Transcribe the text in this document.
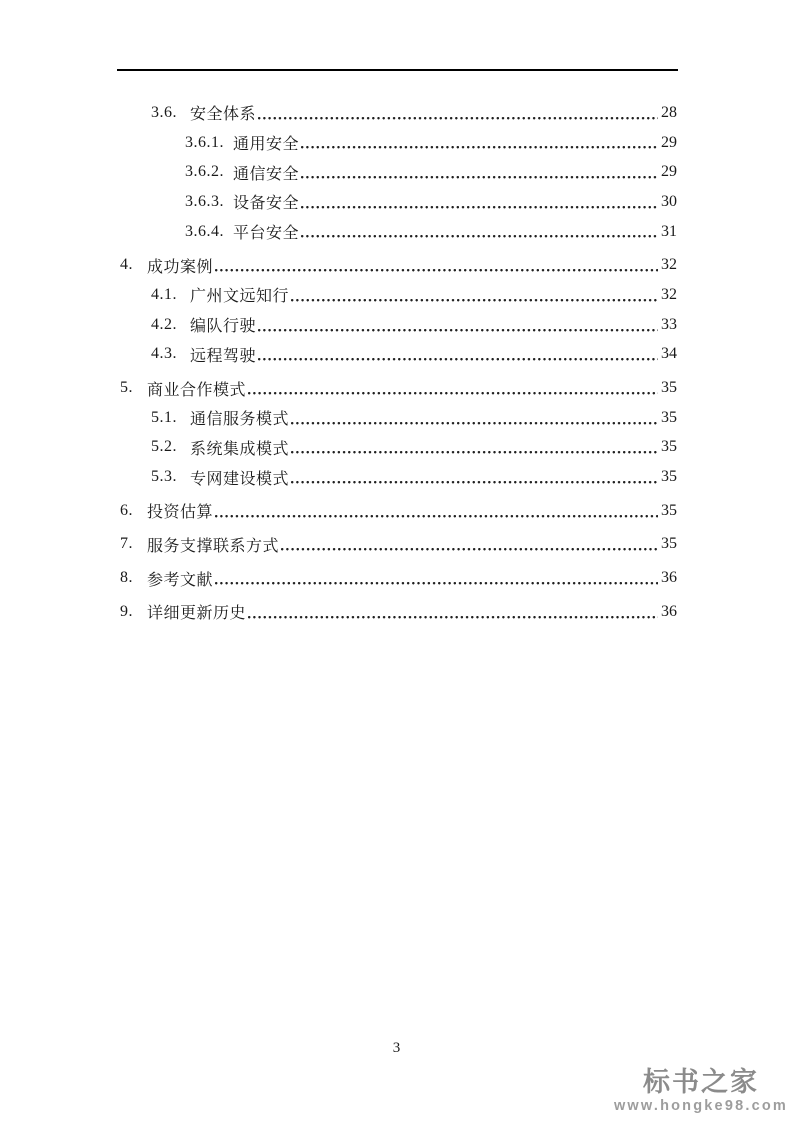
3.6. 安全体系	28
3.6.1. 通用安全	29
3.6.2. 通信安全	29
3.6.3. 设备安全	30
3.6.4. 平台安全	31
4. 成功案例	32
4.1. 广州文远知行	32
4.2. 编队行驶	33
4.3. 远程驾驶	34
5. 商业合作模式	35
5.1. 通信服务模式	35
5.2. 系统集成模式	35
5.3. 专网建设模式	35
6. 投资估算	35
7. 服务支撑联系方式	35
8. 参考文献	36
9. 详细更新历史	36
3
标书之家
www.hongke98.com
